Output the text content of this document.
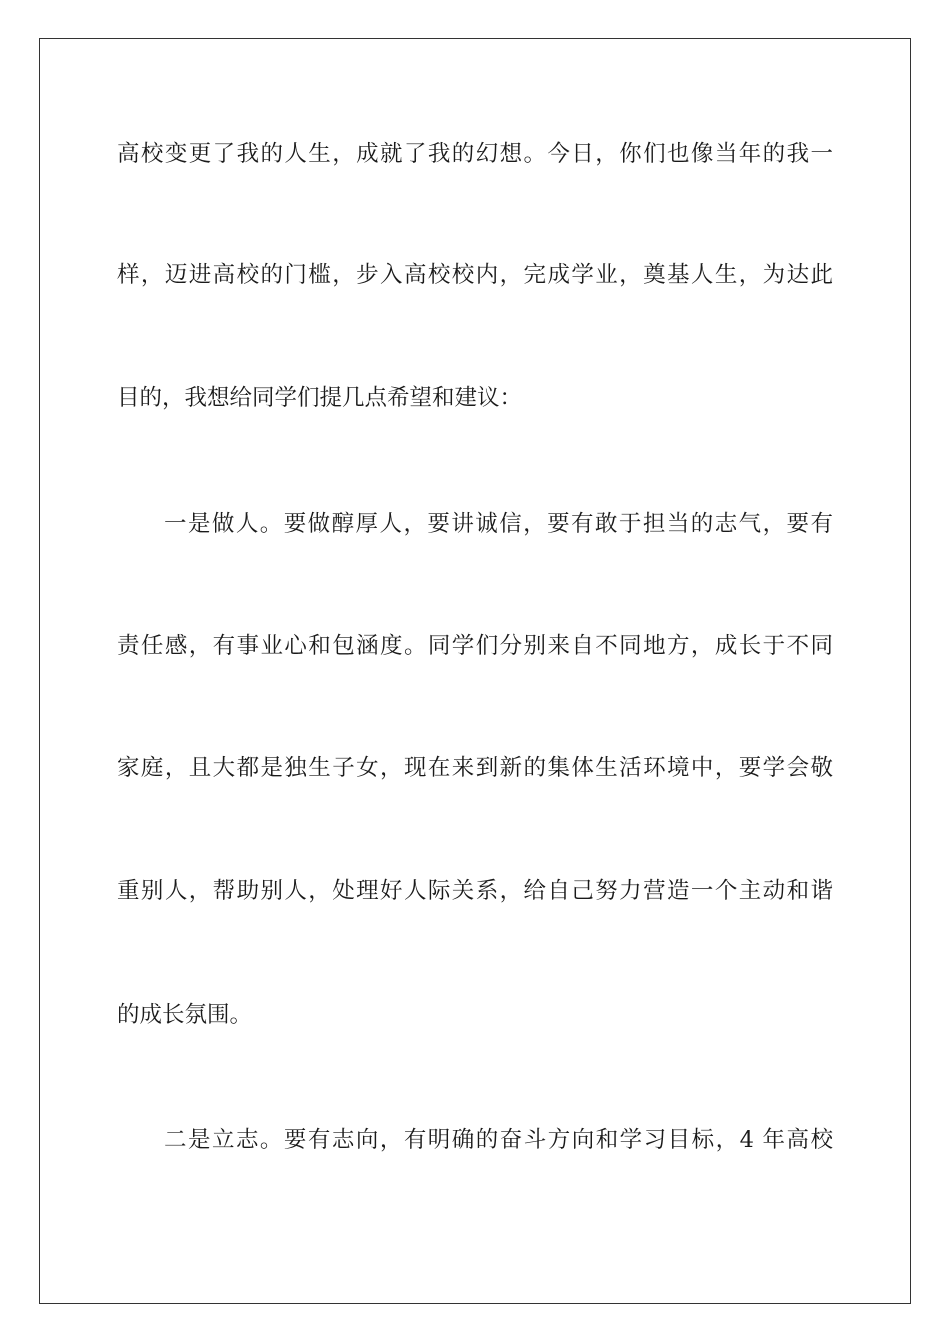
高校变更了我的人生，成就了我的幻想。今日，你们也像当年的我一
样，迈进高校的门槛，步入高校校内，完成学业，奠基人生，为达此
目的，我想给同学们提几点希望和建议：
一是做人。要做醇厚人，要讲诚信，要有敢于担当的志气，要有
责任感，有事业心和包涵度。同学们分别来自不同地方，成长于不同
家庭，且大都是独生子女，现在来到新的集体生活环境中，要学会敬
重别人，帮助别人，处理好人际关系，给自己努力营造一个主动和谐
的成长氛围。
二是立志。要有志向，有明确的奋斗方向和学习目标，4 年高校
